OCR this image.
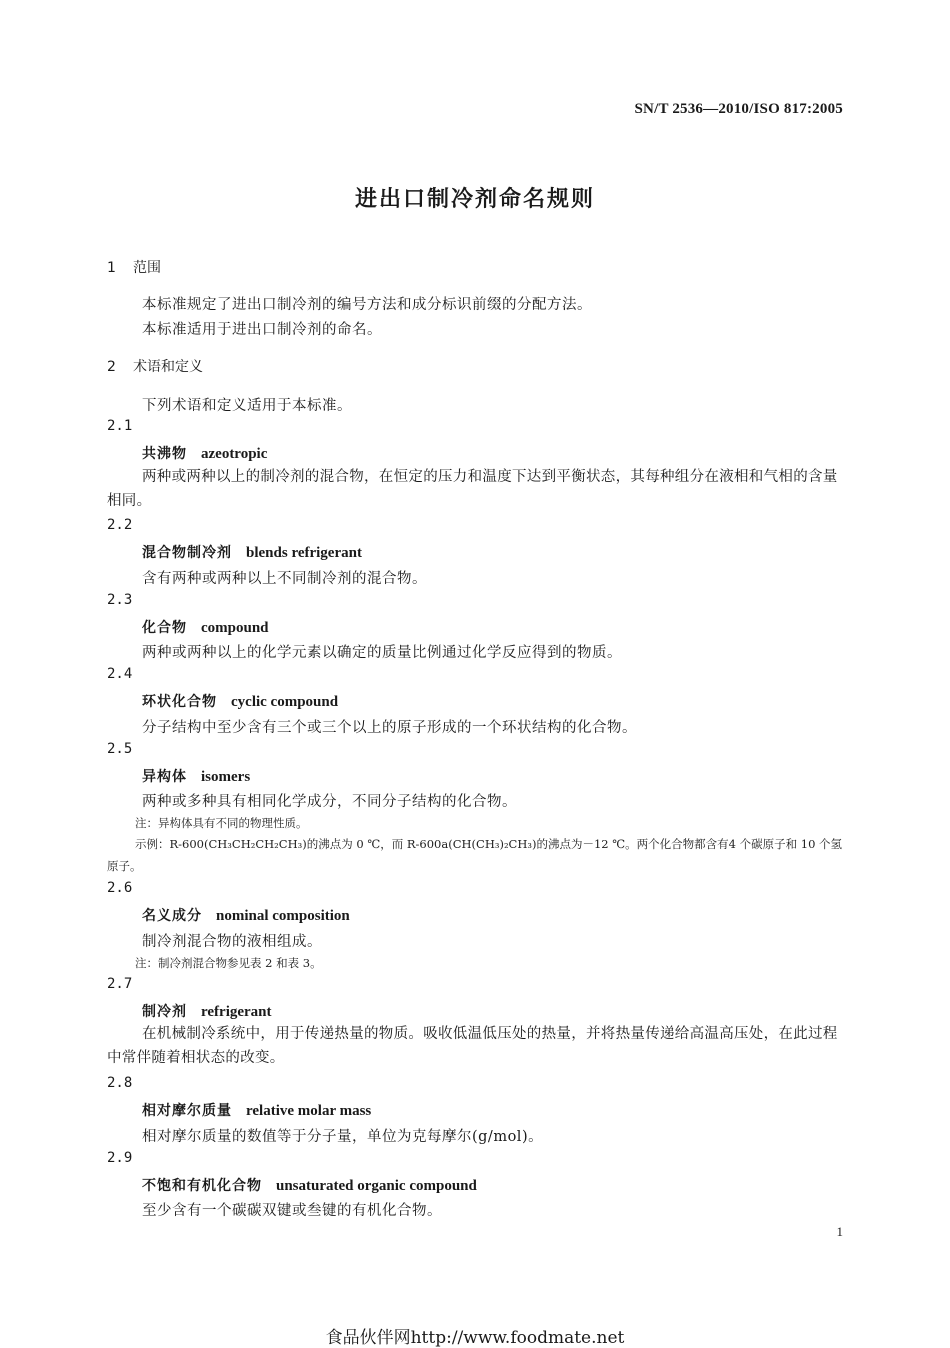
SN/T 2536—2010/ISO 817:2005
进出口制冷剂命名规则
1 范围
本标准规定了进出口制冷剂的编号方法和成分标识前缀的分配方法。
本标准适用于进出口制冷剂的命名。
2 术语和定义
下列术语和定义适用于本标准。
2.1
共沸物 azeotropic
两种或两种以上的制冷剂的混合物，在恒定的压力和温度下达到平衡状态，其每种组分在液相和气相的含量相同。
2.2
混合物制冷剂 blends refrigerant
含有两种或两种以上不同制冷剂的混合物。
2.3
化合物 compound
两种或两种以上的化学元素以确定的质量比例通过化学反应得到的物质。
2.4
环状化合物 cyclic compound
分子结构中至少含有三个或三个以上的原子形成的一个环状结构的化合物。
2.5
异构体 isomers
两种或多种具有相同化学成分，不同分子结构的化合物。
注：异构体具有不同的物理性质。
示例：R-600(CH₃CH₂CH₂CH₃)的沸点为 0 ℃，而 R-600a(CH(CH₃)₂CH₃)的沸点为－12 ℃。两个化合物都含有4 个碳原子和 10 个氢原子。
2.6
名义成分 nominal composition
制冷剂混合物的液相组成。
注：制冷剂混合物参见表 2 和表 3。
2.7
制冷剂 refrigerant
在机械制冷系统中，用于传递热量的物质。吸收低温低压处的热量，并将热量传递给高温高压处，在此过程中常伴随着相状态的改变。
2.8
相对摩尔质量 relative molar mass
相对摩尔质量的数值等于分子量，单位为克每摩尔(g/mol)。
2.9
不饱和有机化合物 unsaturated organic compound
至少含有一个碳碳双键或叁键的有机化合物。
1
食品伙伴网http://www.foodmate.net
